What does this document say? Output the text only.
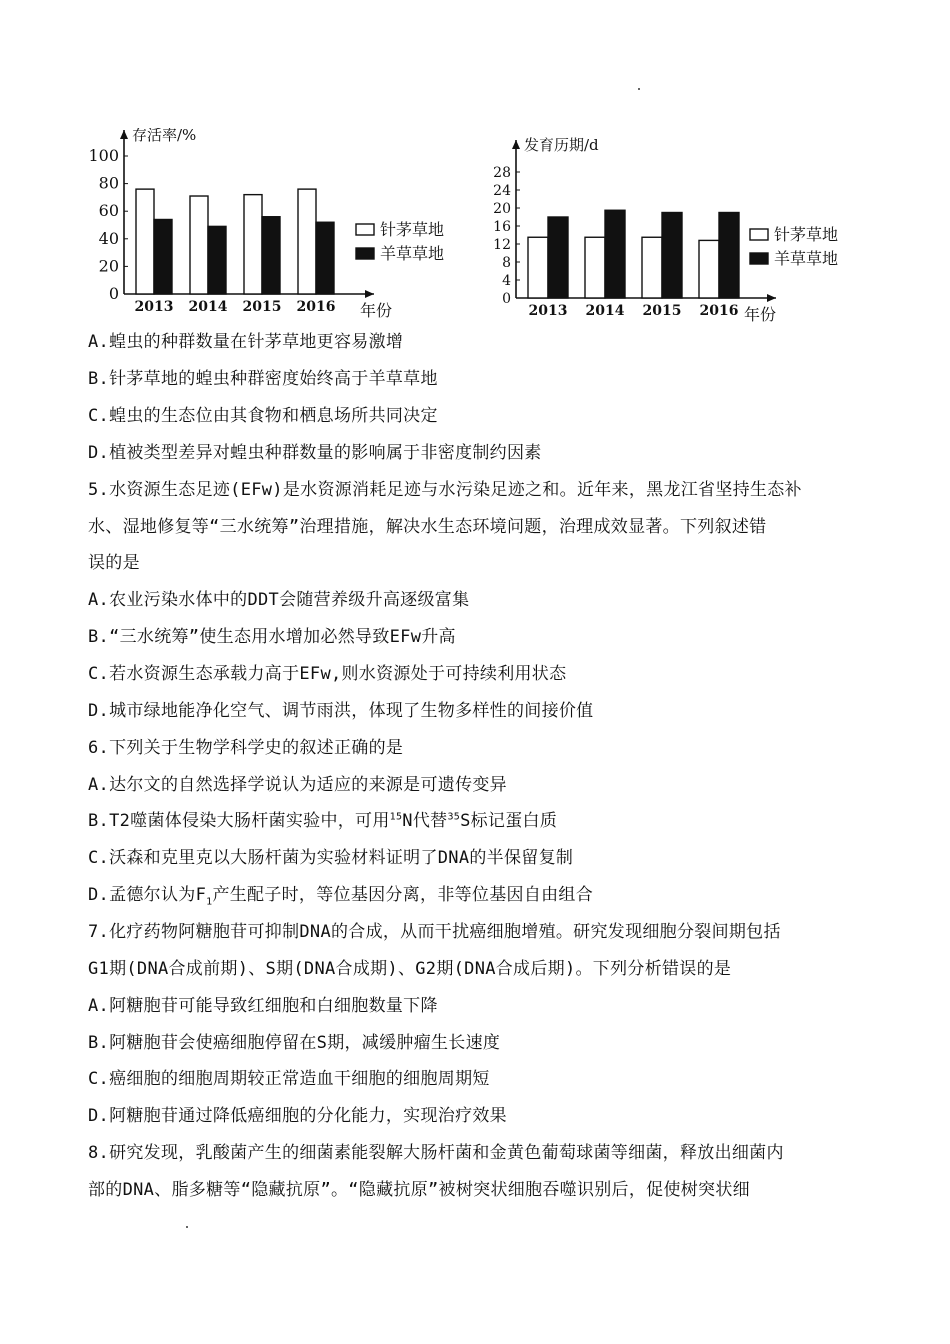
存活率/%
100
80
60
40
20
0
2013 2014 2015 2016 年份
针茅草地
羊草草地
发育历期/d
28
24
20
16
12
8
4
0
2013 2014 2015 2016 年份
针茅草地
羊草草地
A.蝗虫的种群数量在针茅草地更容易激增
B.针茅草地的蝗虫种群密度始终高于羊草草地
C.蝗虫的生态位由其食物和栖息场所共同决定
D.植被类型差异对蝗虫种群数量的影响属于非密度制约因素
5.水资源生态足迹(EFw)是水资源消耗足迹与水污染足迹之和。近年来，黑龙江省坚持生态补
水、湿地修复等“三水统筹”治理措施，解决水生态环境问题，治理成效显著。下列叙述错
误的是
A.农业污染水体中的DDT会随营养级升高逐级富集
B.“三水统筹”使生态用水增加必然导致EFw升高
C.若水资源生态承载力高于EFw,则水资源处于可持续利用状态
D.城市绿地能净化空气、调节雨洪，体现了生物多样性的间接价值
6.下列关于生物学科学史的叙述正确的是
A.达尔文的自然选择学说认为适应的来源是可遗传变异
B.T2噬菌体侵染大肠杆菌实验中，可用$^{15}$N代替$^{35}$S标记蛋白质
C.沃森和克里克以大肠杆菌为实验材料证明了DNA的半保留复制
D.孟德尔认为$F_1$产生配子时，等位基因分离，非等位基因自由组合
7.化疗药物阿糖胞苷可抑制DNA的合成，从而干扰癌细胞增殖。研究发现细胞分裂间期包括
G1期(DNA合成前期)、S期(DNA合成期)、G2期(DNA合成后期)。下列分析错误的是
A.阿糖胞苷可能导致红细胞和白细胞数量下降
B.阿糖胞苷会使癌细胞停留在S期，减缓肿瘤生长速度
C.癌细胞的细胞周期较正常造血干细胞的细胞周期短
D.阿糖胞苷通过降低癌细胞的分化能力，实现治疗效果
8.研究发现，乳酸菌产生的细菌素能裂解大肠杆菌和金黄色葡萄球菌等细菌，释放出细菌内
部的DNA、脂多糖等“隐藏抗原”。“隐藏抗原”被树突状细胞吞噬识别后，促使树突状细
